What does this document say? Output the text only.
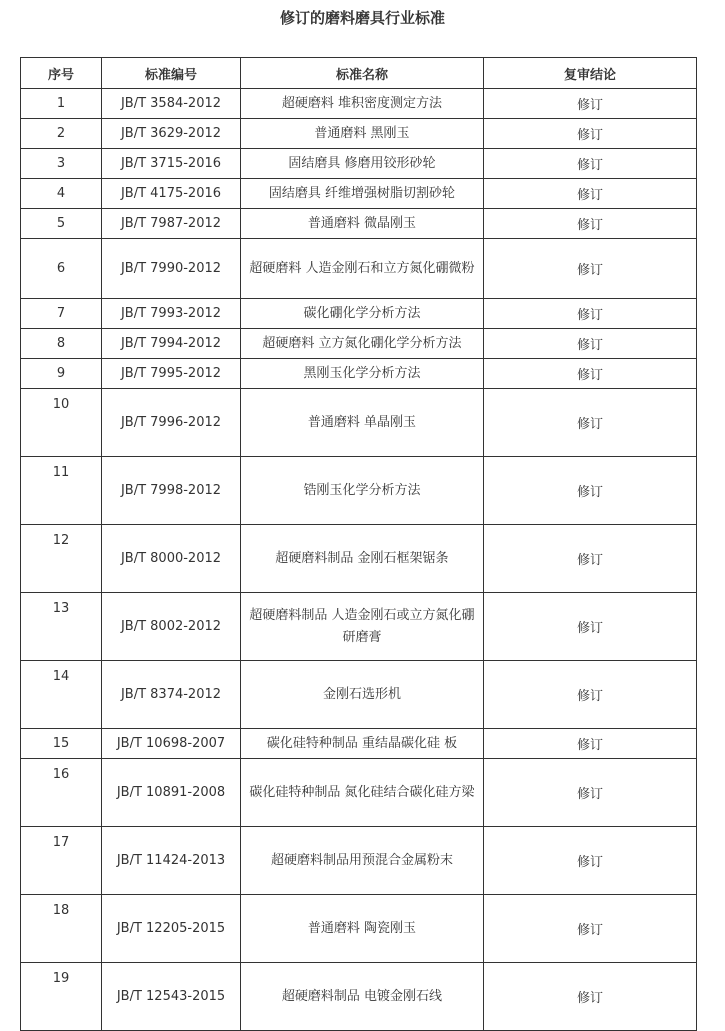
修订的磨料磨具行业标准
序号	标准编号	标准名称	复审结论
1	JB/T 3584-2012	超硬磨料 堆积密度测定方法	修订
2	JB/T 3629-2012	普通磨料 黑刚玉	修订
3	JB/T 3715-2016	固结磨具 修磨用铰形砂轮	修订
4	JB/T 4175-2016	固结磨具 纤维增强树脂切割砂轮	修订
5	JB/T 7987-2012	普通磨料 微晶刚玉	修订
6	JB/T 7990-2012	超硬磨料 人造金刚石和立方氮化硼微粉	修订
7	JB/T 7993-2012	碳化硼化学分析方法	修订
8	JB/T 7994-2012	超硬磨料 立方氮化硼化学分析方法	修订
9	JB/T 7995-2012	黑刚玉化学分析方法	修订
10	JB/T 7996-2012	普通磨料 单晶刚玉	修订
11	JB/T 7998-2012	锆刚玉化学分析方法	修订
12	JB/T 8000-2012	超硬磨料制品 金刚石框架锯条	修订
13	JB/T 8002-2012	超硬磨料制品 人造金刚石或立方氮化硼研磨膏	修订
14	JB/T 8374-2012	金刚石选形机	修订
15	JB/T 10698-2007	碳化硅特种制品 重结晶碳化硅 板	修订
16	JB/T 10891-2008	碳化硅特种制品 氮化硅结合碳化硅方梁	修订
17	JB/T 11424-2013	超硬磨料制品用预混合金属粉末	修订
18	JB/T 12205-2015	普通磨料 陶瓷刚玉	修订
19	JB/T 12543-2015	超硬磨料制品 电镀金刚石线	修订
